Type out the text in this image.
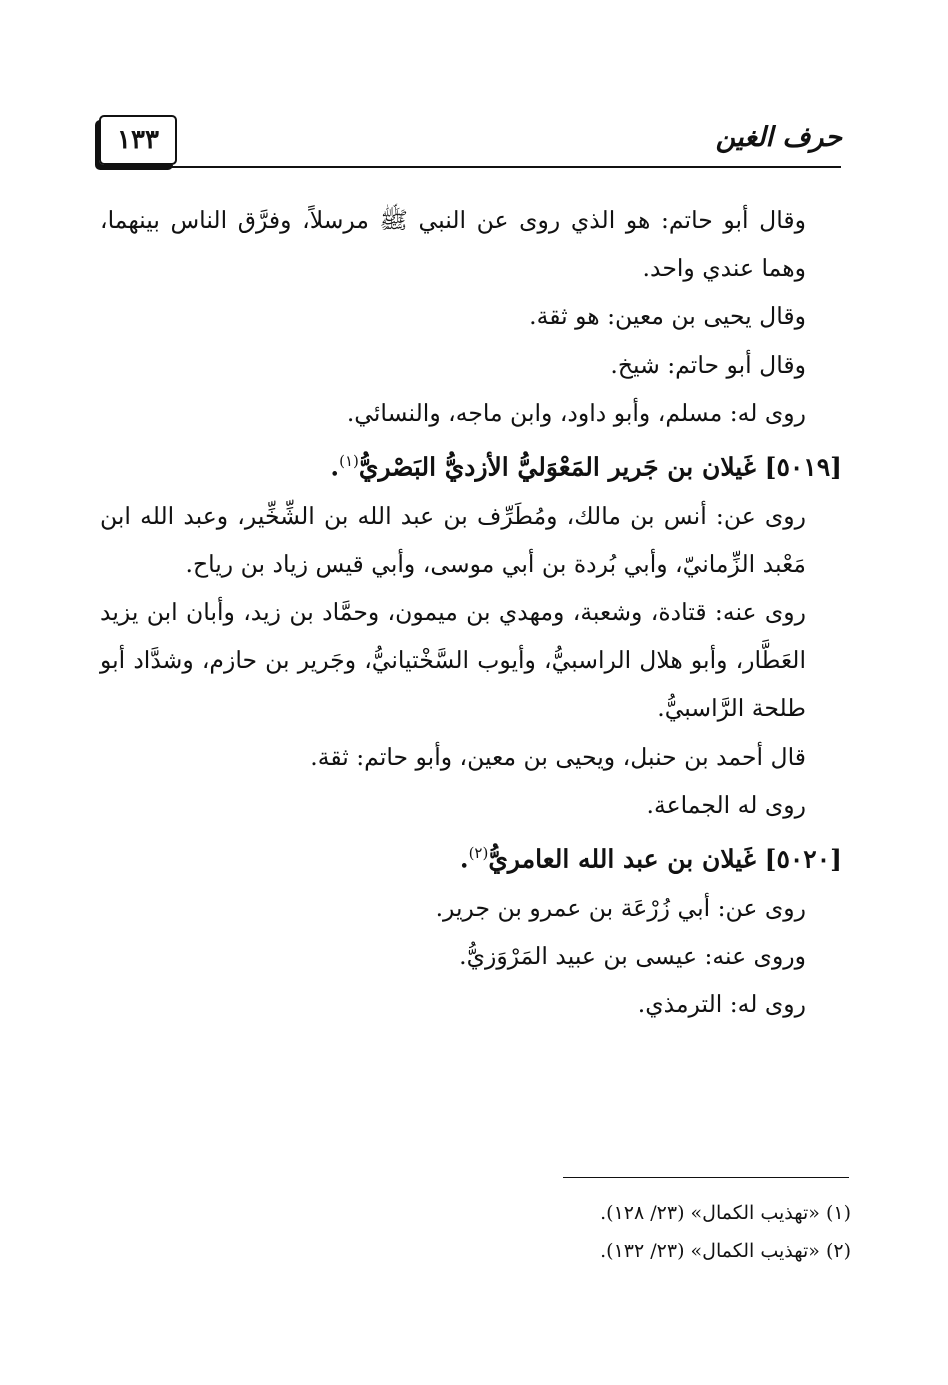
حرف الغين
١٣٣

وقال أبو حاتم: هو الذي روى عن النبي ﷺ مرسلاً، وفرَّق الناس بينهما، وهما عندي واحد.

وقال يحيى بن معين: هو ثقة.

وقال أبو حاتم: شيخ.

روى له: مسلم، وأبو داود، وابن ماجه، والنسائي.

[٥٠١٩] غَيلان بن جَرير المَعْوَليُّ الأزديُّ البَصْريُّ$^{(١)}$.

روى عن: أنس بن مالك، ومُطَرِّف بن عبد الله بن الشِّخِّير، وعبد الله ابن مَعْبد الزِّمانيّ، وأبي بُردة بن أبي موسى، وأبي قيس زياد بن رياح.

روى عنه: قتادة، وشعبة، ومهدي بن ميمون، وحمَّاد بن زيد، وأبان ابن يزيد العَطَّار، وأبو هلال الراسبيُّ، وأيوب السَّخْتيانيُّ، وجَرير بن حازم، وشدَّاد أبو طلحة الرَّاسبيُّ.

قال أحمد بن حنبل، ويحيى بن معين، وأبو حاتم: ثقة.

روى له الجماعة.

[٥٠٢٠] غَيلان بن عبد الله العامريُّ$^{(٢)}$.

روى عن: أبي زُرْعَة بن عمرو بن جرير.

وروى عنه: عيسى بن عبيد المَرْوَزيُّ.

روى له: الترمذي.

(١) «تهذيب الكمال» (٢٣/ ١٢٨).

(٢) «تهذيب الكمال» (٢٣/ ١٣٢).
